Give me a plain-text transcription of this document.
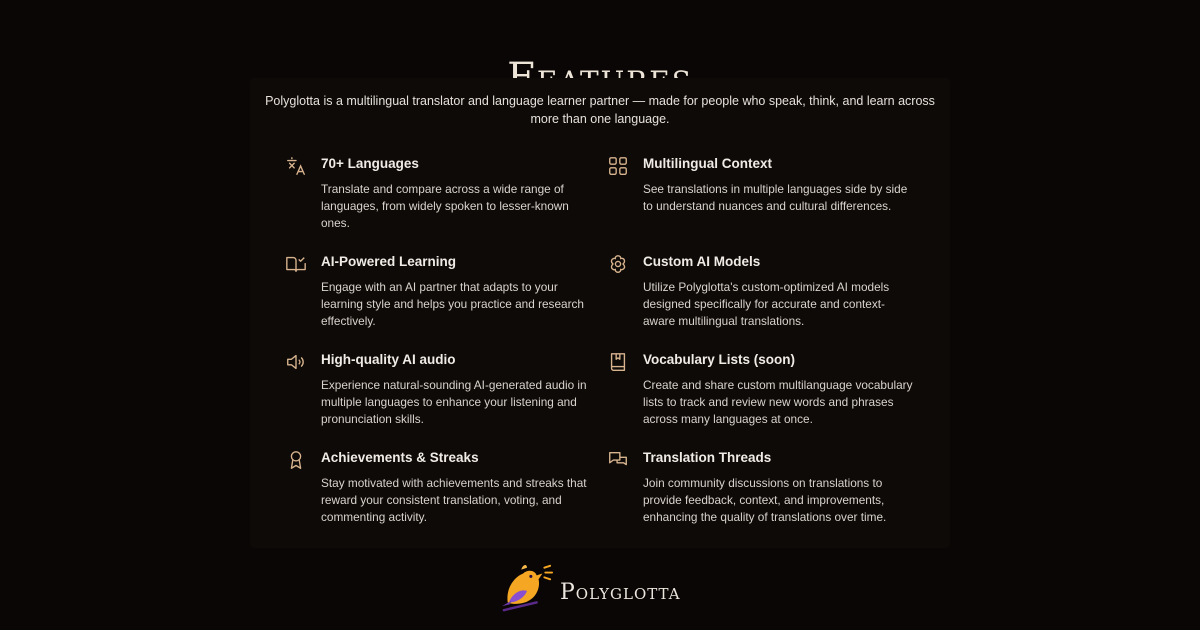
Polyglotta is a multilingual translator and language learner partner — made for people who speak, think, and learn across more than one language.

70+ Languages
Translate and compare across a wide range of languages, from widely spoken to lesser-known ones.
Multilingual Context
See translations in multiple languages side by side to understand nuances and cultural differences.
AI-Powered Learning
Engage with an AI partner that adapts to your learning style and helps you practice and research effectively.
Custom AI Models
Utilize Polyglotta's custom-optimized AI models designed specifically for accurate and context-aware multilingual translations.
High-quality AI audio
Experience natural-sounding AI-generated audio in multiple languages to enhance your listening and pronunciation skills.
Vocabulary Lists (soon)
Create and share custom multilanguage vocabulary lists to track and review new words and phrases across many languages at once.
Achievements & Streaks
Stay motivated with achievements and streaks that reward your consistent translation, voting, and commenting activity.
Translation Threads
Join community discussions on translations to provide feedback, context, and improvements, enhancing the quality of translations over time.
Polyglotta
